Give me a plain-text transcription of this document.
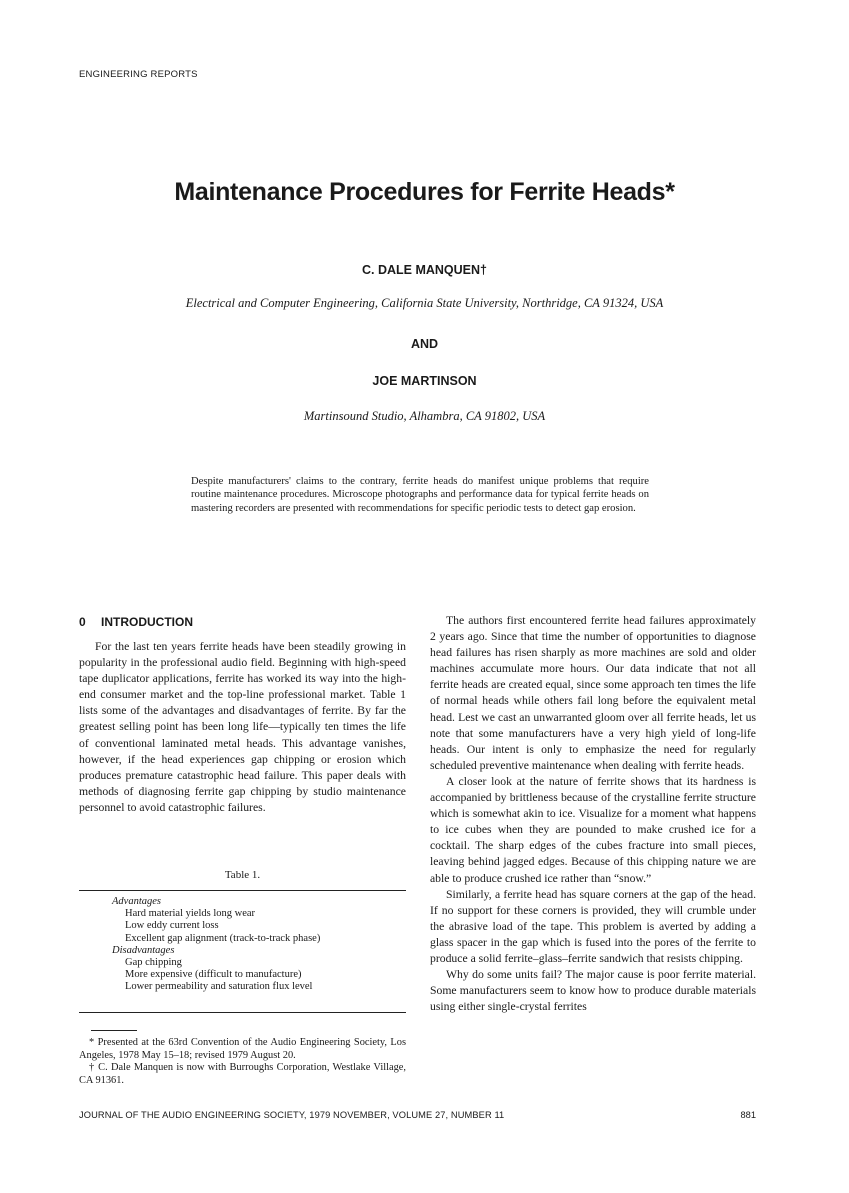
ENGINEERING REPORTS
Maintenance Procedures for Ferrite Heads*
C. DALE MANQUEN†
Electrical and Computer Engineering, California State University, Northridge, CA 91324, USA
AND
JOE MARTINSON
Martinsound Studio, Alhambra, CA 91802, USA
Despite manufacturers' claims to the contrary, ferrite heads do manifest unique problems that require routine maintenance procedures. Microscope photographs and performance data for typical ferrite heads on mastering recorders are presented with recommendations for specific periodic tests to detect gap erosion.
0 INTRODUCTION

For the last ten years ferrite heads have been steadily growing in popularity in the professional audio field. Beginning with high-speed tape duplicator applications, ferrite has worked its way into the high-end consumer market and the top-line professional market. Table 1 lists some of the advantages and disadvantages of ferrite. By far the greatest selling point has been long life—typically ten times the life of conventional laminated metal heads. This advantage vanishes, however, if the head experiences gap chipping or erosion which produces premature catastrophic head failure. This paper deals with methods of diagnosing ferrite gap chipping by studio maintenance personnel to avoid catastrophic failures.

Table 1.
Advantages
Hard material yields long wear
Low eddy current loss
Excellent gap alignment (track-to-track phase)
Disadvantages
Gap chipping
More expensive (difficult to manufacture)
Lower permeability and saturation flux level

* Presented at the 63rd Convention of the Audio Engineering Society, Los Angeles, 1978 May 15–18; revised 1979 August 20.

† C. Dale Manquen is now with Burroughs Corporation, Westlake Village, CA 91361.

The authors first encountered ferrite head failures approximately 2 years ago. Since that time the number of opportunities to diagnose head failures has risen sharply as more machines are sold and older machines accumulate more hours. Our data indicate that not all ferrite heads are created equal, since some approach ten times the life of normal heads while others fail long before the equivalent metal head. Lest we cast an unwarranted gloom over all ferrite heads, let us note that some manufacturers have a very high yield of long-life heads. Our intent is only to emphasize the need for regularly scheduled preventive maintenance when dealing with ferrite heads.

A closer look at the nature of ferrite shows that its hardness is accompanied by brittleness because of the crystalline ferrite structure which is somewhat akin to ice. Visualize for a moment what happens to ice cubes when they are pounded to make crushed ice for a cocktail. The sharp edges of the cubes fracture into small pieces, leaving behind jagged edges. Because of this chipping nature we are able to produce crushed ice rather than “snow.”

Similarly, a ferrite head has square corners at the gap of the head. If no support for these corners is provided, they will crumble under the abrasive load of the tape. This problem is averted by adding a glass spacer in the gap which is fused into the pores of the ferrite to produce a solid ferrite–glass–ferrite sandwich that resists chipping.

Why do some units fail? The major cause is poor ferrite material. Some manufacturers seem to know how to produce durable materials using either single-crystal ferrites

JOURNAL OF THE AUDIO ENGINEERING SOCIETY, 1979 NOVEMBER, VOLUME 27, NUMBER 11	881
